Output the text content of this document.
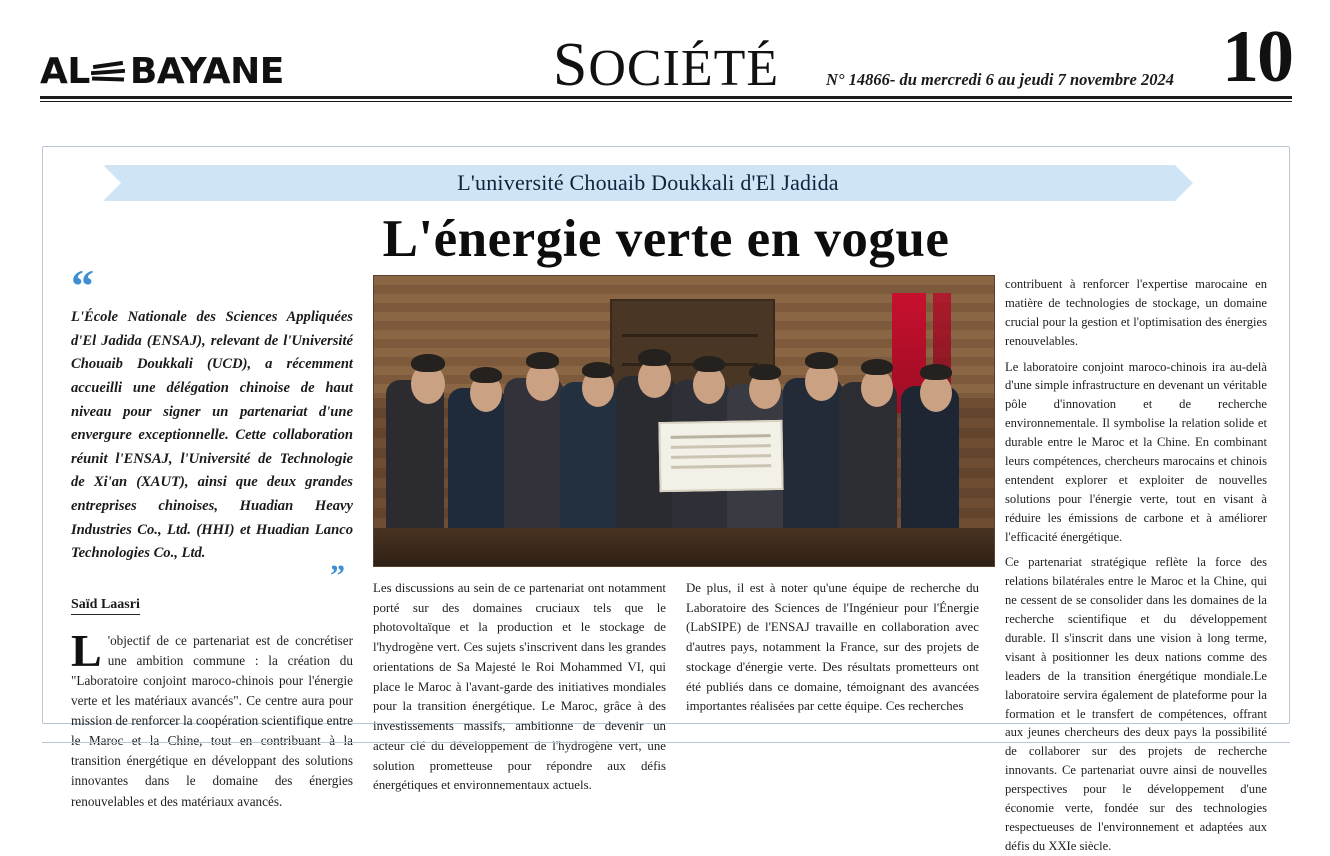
AL BAYANE	SOCIÉTÉ	N° 14866- du mercredi 6 au jeudi 7 novembre 2024 10
L'université Chouaib Doukkali d'El Jadida
L'énergie verte en vogue
“
L'École Nationale des Sciences Appliquées d'El Jadida (ENSAJ), relevant de l'Université Chouaib Doukkali (UCD), a récemment accueilli une délégation chinoise de haut niveau pour signer un partenariat d'une envergure exceptionnelle. Cette collaboration réunit l'ENSAJ, l'Université de Technologie de Xi'an (XAUT), ainsi que deux grandes entreprises chinoises, Huadian Heavy Industries Co., Ltd. (HHI) et Huadian Lanco Technologies Co., Ltd.
”
Saïd Laasri

L 'objectif de ce partenariat est de concrétiser une ambition commune : la création du "Laboratoire conjoint maroco-chinois pour l'énergie verte et les matériaux avancés". Ce centre aura pour mission de renforcer la coopération scientifique entre le Maroc et la Chine, tout en contribuant à la transition énergétique en développant des solutions innovantes dans le domaine des énergies renouvelables et des matériaux avancés.

Les discussions au sein de ce partenariat ont notamment porté sur des domaines cruciaux tels que le photovoltaïque et la production et le stockage de l'hydrogène vert. Ces sujets s'inscrivent dans les grandes orientations de Sa Majesté le Roi Mohammed VI, qui place le Maroc à l'avant-garde des initiatives mondiales pour la transition énergétique. Le Maroc, grâce à des investissements massifs, ambitionne de devenir un acteur clé du développement de l'hydrogène vert, une solution prometteuse pour répondre aux défis énergétiques et environnementaux actuels.

De plus, il est à noter qu'une équipe de recherche du Laboratoire des Sciences de l'Ingénieur pour l'Énergie (LabSIPE) de l'ENSAJ travaille en collaboration avec d'autres pays, notamment la France, sur des projets de stockage d'énergie verte. Des résultats prometteurs ont été publiés dans ce domaine, témoignant des avancées importantes réalisées par cette équipe. Ces recherches

contribuent à renforcer l'expertise marocaine en matière de technologies de stockage, un domaine crucial pour la gestion et l'optimisation des énergies renouvelables.

Le laboratoire conjoint maroco-chinois ira au-delà d'une simple infrastructure en devenant un véritable pôle d'innovation et de recherche environnementale. Il symbolise la relation solide et durable entre le Maroc et la Chine. En combinant leurs compétences, chercheurs marocains et chinois entendent explorer et exploiter de nouvelles solutions pour l'énergie verte, tout en visant à réduire les émissions de carbone et à améliorer l'efficacité énergétique.

Ce partenariat stratégique reflète la force des relations bilatérales entre le Maroc et la Chine, qui ne cessent de se consolider dans les domaines de la recherche scientifique et du développement durable. Il s'inscrit dans une vision à long terme, visant à positionner les deux nations comme des leaders de la transition énergétique mondiale.Le laboratoire servira également de plateforme pour la formation et le transfert de compétences, offrant aux jeunes chercheurs des deux pays la possibilité de collaborer sur des projets de recherche innovants. Ce partenariat ouvre ainsi de nouvelles perspectives pour le développement d'une économie verte, fondée sur des technologies respectueuses de l'environnement et adaptées aux défis du XXIe siècle.
